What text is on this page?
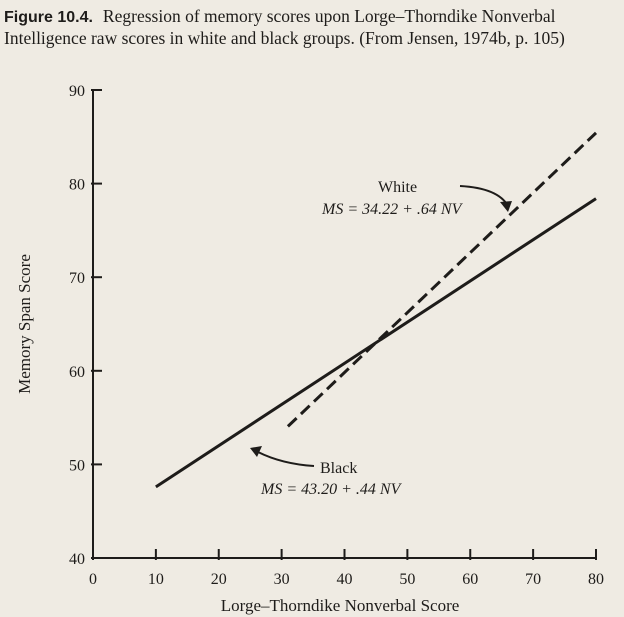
Figure 10.4. Regression of memory scores upon Lorge–Thorndike Nonverbal Intelligence raw scores in white and black groups. (From Jensen, 1974b, p. 105)
40
50
60
70
80
90
0	10	20	30	40	50	60	70	80
Lorge–Thorndike Nonverbal Score
Memory Span Score
White
MS = 34.22 + .64 NV
Black
MS = 43.20 + .44 NV
